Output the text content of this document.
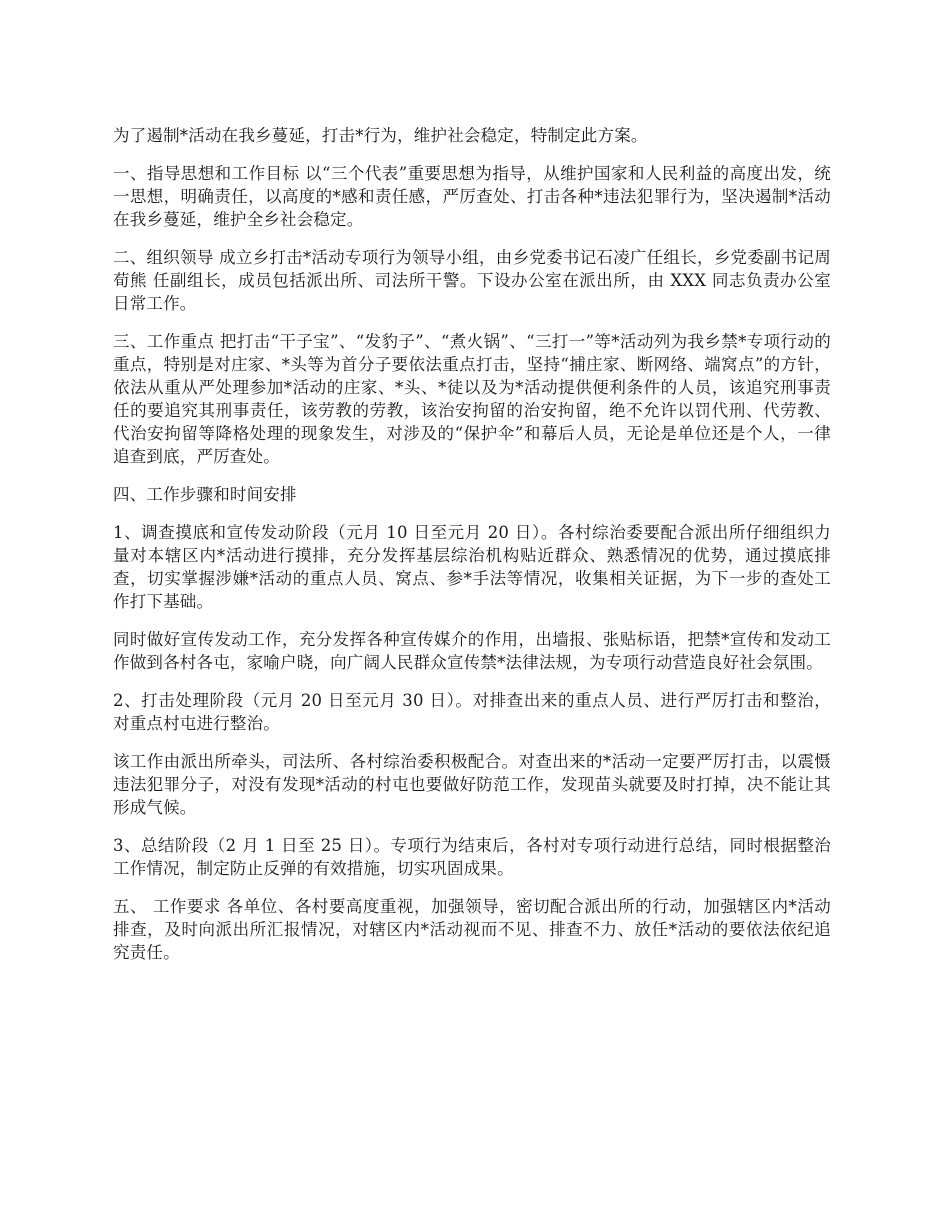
为了遏制*活动在我乡蔓延，打击*行为，维护社会稳定，特制定此方案。

一、指导思想和工作目标 以“三个代表”重要思想为指导，从维护国家和人民利益的高度出发，统一思想，明确责任，以高度的*感和责任感，严厉查处、打击各种*违法犯罪行为，坚决遏制*活动在我乡蔓延，维护全乡社会稳定。

二、组织领导 成立乡打击*活动专项行为领导小组，由乡党委书记石凌广任组长，乡党委副书记周荀熊 任副组长，成员包括派出所、司法所干警。下设办公室在派出所，由 XXX 同志负责办公室日常工作。

三、工作重点 把打击“干子宝”、“发豹子”、“煮火锅”、“三打一”等*活动列为我乡禁*专项行动的重点，特别是对庄家、*头等为首分子要依法重点打击，坚持“捕庄家、断网络、端窝点”的方针，依法从重从严处理参加*活动的庄家、*头、*徒以及为*活动提供便利条件的人员，该追究刑事责任的要追究其刑事责任，该劳教的劳教，该治安拘留的治安拘留，绝不允许以罚代刑、代劳教、代治安拘留等降格处理的现象发生，对涉及的“保护伞”和幕后人员，无论是单位还是个人，一律追查到底，严厉查处。

四、工作步骤和时间安排

1、调查摸底和宣传发动阶段（元月 10 日至元月 20 日）。各村综治委要配合派出所仔细组织力量对本辖区内*活动进行摸排，充分发挥基层综治机构贴近群众、熟悉情况的优势，通过摸底排查，切实掌握涉嫌*活动的重点人员、窝点、参*手法等情况，收集相关证据，为下一步的查处工作打下基础。

同时做好宣传发动工作，充分发挥各种宣传媒介的作用，出墙报、张贴标语，把禁*宣传和发动工作做到各村各屯，家喻户晓，向广阔人民群众宣传禁*法律法规，为专项行动营造良好社会氛围。

2、打击处理阶段（元月 20 日至元月 30 日）。对排查出来的重点人员、进行严厉打击和整治，对重点村屯进行整治。

该工作由派出所牵头，司法所、各村综治委积极配合。对查出来的*活动一定要严厉打击，以震慑违法犯罪分子，对没有发现*活动的村屯也要做好防范工作，发现苗头就要及时打掉，决不能让其形成气候。

3、总结阶段（2 月 1 日至 25 日）。专项行为结束后，各村对专项行动进行总结，同时根据整治工作情况，制定防止反弹的有效措施，切实巩固成果。

五、 工作要求 各单位、各村要高度重视，加强领导，密切配合派出所的行动，加强辖区内*活动排查，及时向派出所汇报情况，对辖区内*活动视而不见、排查不力、放任*活动的要依法依纪追究责任。
